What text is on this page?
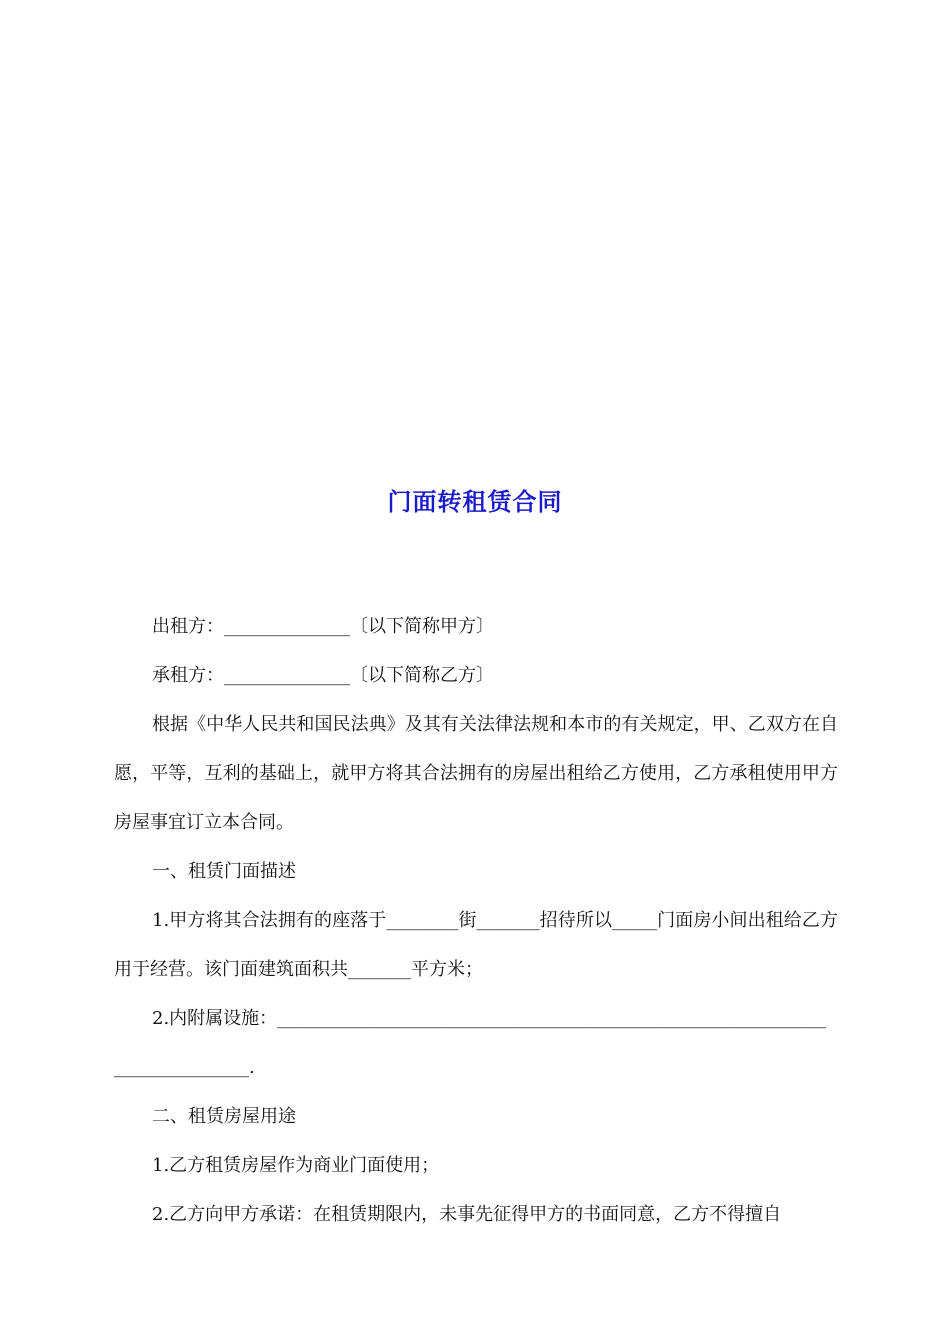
门面转租赁合同

出租方：______________〔以下简称甲方〕

承租方：______________〔以下简称乙方〕

根据《中华人民共和国民法典》及其有关法律法规和本市的有关规定，甲、乙双方在自愿，平等，互利的基础上，就甲方将其合法拥有的房屋出租给乙方使用，乙方承租使用甲方房屋事宜订立本合同。

一、租赁门面描述

1.甲方将其合法拥有的座落于________街_______招待所以_____门面房小间出租给乙方用于经营。该门面建筑面积共_______平方米；

2.内附属设施：_____________________________________________________________

_______________.

二、租赁房屋用途

1.乙方租赁房屋作为商业门面使用；

2.乙方向甲方承诺：在租赁期限内，未事先征得甲方的书面同意，乙方不得擅自
